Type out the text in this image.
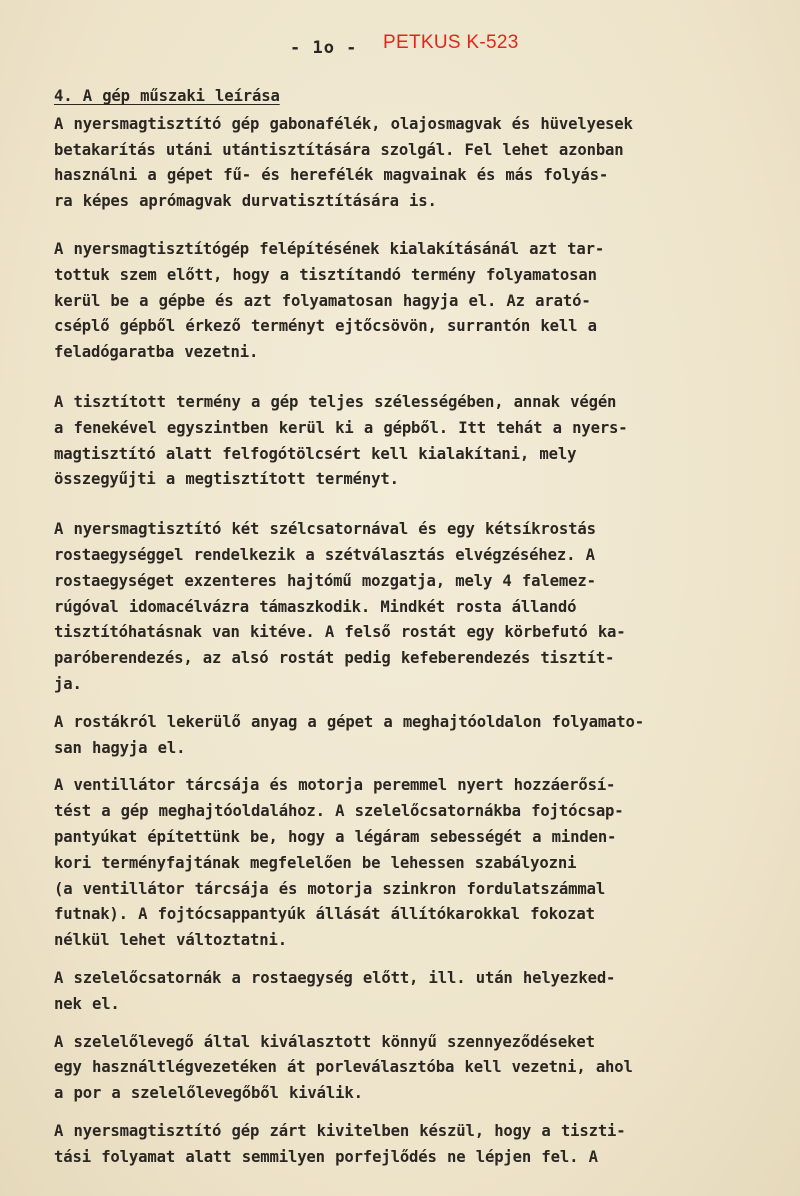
- 1o - PETKUS K-523
4. A gép műszaki leírása

A nyersmagtisztító gép gabonafélék, olajosmagvak és hüvelyesek
betakarítás utáni utántisztítására szolgál. Fel lehet azonban
használni a gépet fű- és herefélék magvainak és más folyás-
ra képes aprómagvak durvatisztítására is.

A nyersmagtisztítógép felépítésének kialakításánál azt tar-
tottuk szem előtt, hogy a tisztítandó termény folyamatosan
kerül be a gépbe és azt folyamatosan hagyja el. Az arató-
cséplő gépből érkező terményt ejtőcsövön, surrantón kell a
feladógaratba vezetni.

A tisztított termény a gép teljes szélességében, annak végén
a fenekével egyszintben kerül ki a gépből. Itt tehát a nyers-
magtisztító alatt felfogótölcsért kell kialakítani, mely
összegyűjti a megtisztított terményt.

A nyersmagtisztító két szélcsatornával és egy kétsíkrostás
rostaegységgel rendelkezik a szétválasztás elvégzéséhez. A
rostaegységet exzenteres hajtómű mozgatja, mely 4 falemez-
rúgóval idomacélvázra támaszkodik. Mindkét rosta állandó
tisztítóhatásnak van kitéve. A felső rostát egy körbefutó ka-
paróberendezés, az alsó rostát pedig kefeberendezés tisztít-
ja.

A rostákról lekerülő anyag a gépet a meghajtóoldalon folyamato-
san hagyja el.

A ventillátor tárcsája és motorja peremmel nyert hozzáerősí-
tést a gép meghajtóoldalához. A szelelőcsatornákba fojtócsap-
pantyúkat építettünk be, hogy a légáram sebességét a minden-
kori terményfajtának megfelelően be lehessen szabályozni
(a ventillátor tárcsája és motorja szinkron fordulatszámmal
futnak). A fojtócsappantyúk állását állítókarokkal fokozat
nélkül lehet változtatni.

A szelelőcsatornák a rostaegység előtt, ill. után helyezked-
nek el.

A szelelőlevegő által kiválasztott könnyű szennyeződéseket
egy használtlégvezetéken át porleválasztóba kell vezetni, ahol
a por a szelelőlevegőből kiválik.

A nyersmagtisztító gép zárt kivitelben készül, hogy a tiszti-
tási folyamat alatt semmilyen porfejlődés ne lépjen fel. A
